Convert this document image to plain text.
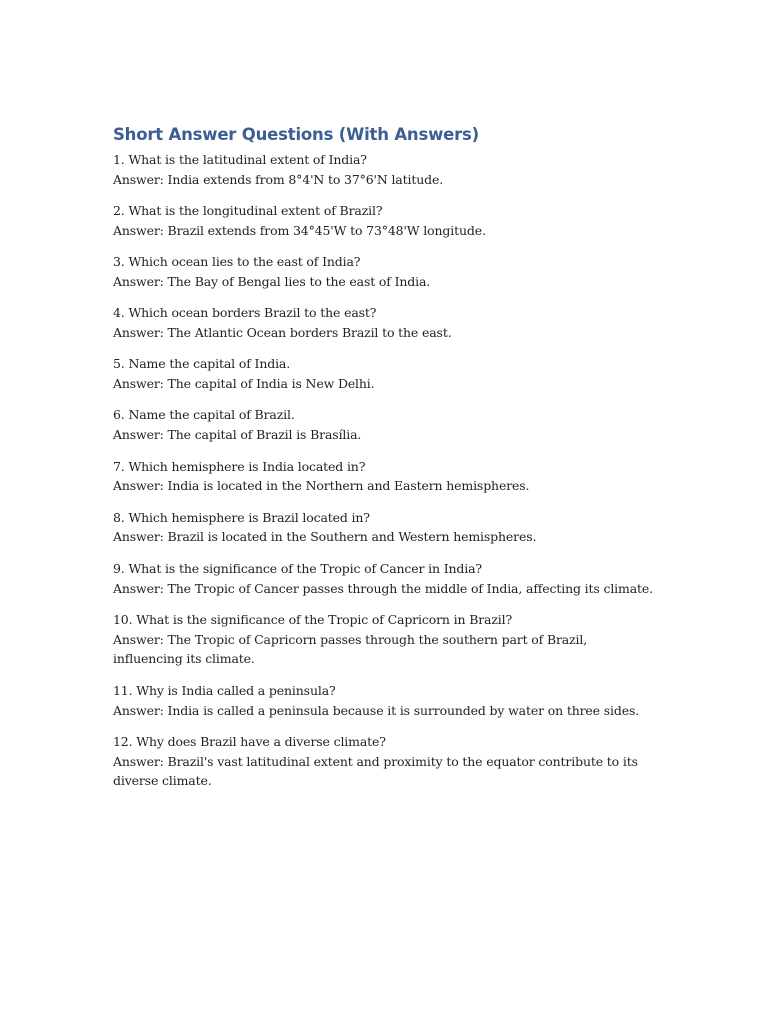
Short Answer Questions (With Answers)

1. What is the latitudinal extent of India?

Answer: India extends from 8°4'N to 37°6'N latitude.

2. What is the longitudinal extent of Brazil?

Answer: Brazil extends from 34°45'W to 73°48'W longitude.

3. Which ocean lies to the east of India?

Answer: The Bay of Bengal lies to the east of India.

4. Which ocean borders Brazil to the east?

Answer: The Atlantic Ocean borders Brazil to the east.

5. Name the capital of India.

Answer: The capital of India is New Delhi.

6. Name the capital of Brazil.

Answer: The capital of Brazil is Brasília.

7. Which hemisphere is India located in?

Answer: India is located in the Northern and Eastern hemispheres.

8. Which hemisphere is Brazil located in?

Answer: Brazil is located in the Southern and Western hemispheres.

9. What is the significance of the Tropic of Cancer in India?

Answer: The Tropic of Cancer passes through the middle of India, affecting its climate.

10. What is the significance of the Tropic of Capricorn in Brazil?

Answer: The Tropic of Capricorn passes through the southern part of Brazil, influencing its climate.

11. Why is India called a peninsula?

Answer: India is called a peninsula because it is surrounded by water on three sides.

12. Why does Brazil have a diverse climate?

Answer: Brazil's vast latitudinal extent and proximity to the equator contribute to its diverse climate.
